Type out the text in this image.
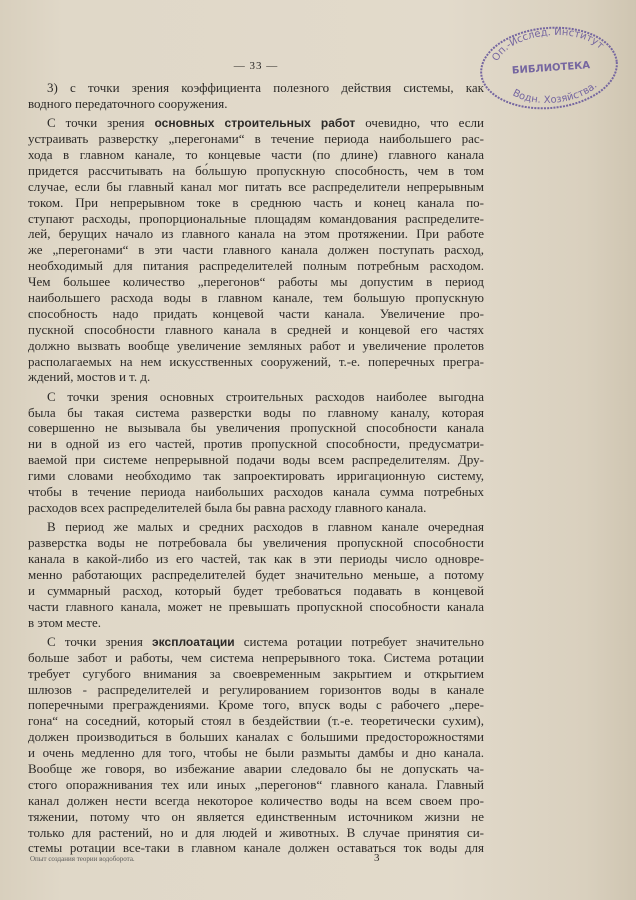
— 33 —
Оп.-Исслед. Институт
БИБЛИОТЕКА
Водн. Хозяйства.
3) с точки зрения коэффициента полезного действия системы, как
водного передаточного сооружения.
С точки зрения основных строительных работ очевидно, что если
устраивать разверстку „перегонами“ в течение периода наибольшего рас-
хода в главном канале, то концевые части (по длине) главного канала
придется рассчитывать на бо́льшую пропускную способность, чем в том
случае, если бы главный канал мог питать все распределители непрерывным
током. При непрерывном токе в среднюю часть и конец канала по-
ступают расходы, пропорциональные площадям командования распределите-
лей, берущих начало из главного канала на этом протяжении. При работе
же „перегонами“ в эти части главного канала должен поступать расход,
необходимый для питания распределителей полным потребным расходом.
Чем большее количество „перегонов“ работы мы допустим в период
наибольшего расхода воды в главном канале, тем большую пропускную
способность надо придать концевой части канала. Увеличение про-
пускной способности главного канала в средней и концевой его частях
должно вызвать вообще увеличение земляных работ и увеличение пролетов
располагаемых на нем искусственных сооружений, т.-е. поперечных прегра-
ждений, мостов и т. д.
С точки зрения основных строительных расходов наиболее выгодна
была бы такая система разверстки воды по главному каналу, которая
совершенно не вызывала бы увеличения пропускной способности канала
ни в одной из его частей, против пропускной способности, предусматри-
ваемой при системе непрерывной подачи воды всем распределителям. Дру-
гими словами необходимо так запроектировать ирригационную систему,
чтобы в течение периода наибольших расходов канала сумма потребных
расходов всех распределителей была бы равна расходу главного канала.
В период же малых и средних расходов в главном канале очередная
разверстка воды не потребовала бы увеличения пропускной способности
канала в какой-либо из его частей, так как в эти периоды число одновре-
менно работающих распределителей будет значительно меньше, а потому
и суммарный расход, который будет требоваться подавать в концевой
части главного канала, может не превышать пропускной способности канала
в этом месте.
С точки зрения эксплоатации система ротации потребует значительно
больше забот и работы, чем система непрерывного тока. Система ротации
требует сугубого внимания за своевременным закрытием и открытием
шлюзов - распределителей и регулированием горизонтов воды в канале
поперечными преграждениями. Кроме того, впуск воды с рабочего „пере-
гона“ на соседний, который стоял в бездействии (т.-е. теоретически сухим),
должен производиться в больших каналах с большими предосторожностями
и очень медленно для того, чтобы не были размыты дамбы и дно канала.
Вообще же говоря, во избежание аварии следовало бы не допускать ча-
стого опоражнивания тех или иных „перегонов“ главного канала. Главный
канал должен нести всегда некоторое количество воды на всем своем про-
тяжении, потому что он является единственным источником жизни не
только для растений, но и для людей и животных. В случае принятия си-
стемы ротации все-таки в главном канале должен оставаться ток воды для
Опыт создания теории водоборота.	3
